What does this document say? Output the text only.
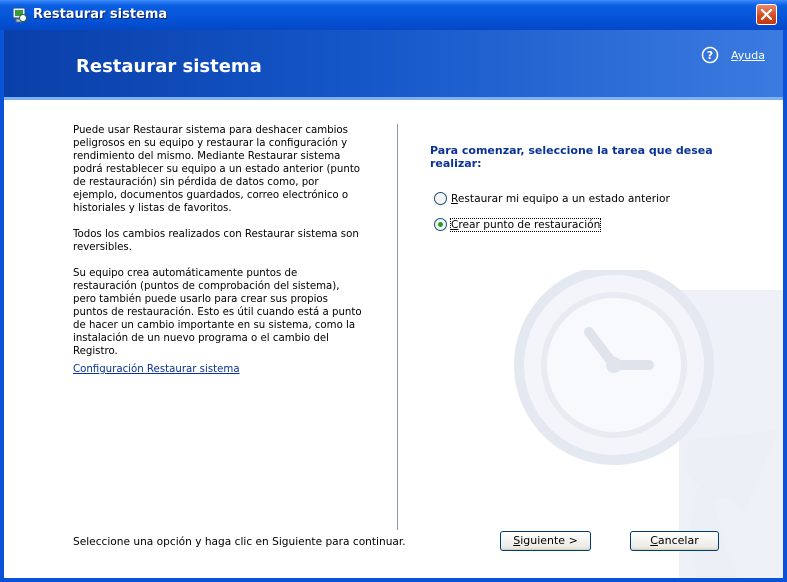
Restaurar sistema
Restaurar sistema
? Ayuda

Puede usar Restaurar sistema para deshacer cambios peligrosos en su equipo y restaurar la configuración y rendimiento del mismo. Mediante Restaurar sistema podrá restablecer su equipo a un estado anterior (punto de restauración) sin pérdida de datos como, por ejemplo, documentos guardados, correo electrónico o historiales y listas de favoritos.

Todos los cambios realizados con Restaurar sistema son reversibles.

Su equipo crea automáticamente puntos de restauración (puntos de comprobación del sistema), pero también puede usarlo para crear sus propios puntos de restauración. Esto es útil cuando está a punto de hacer un cambio importante en su sistema, como la instalación de un nuevo programa o el cambio del Registro.

Configuración Restaurar sistema
Para comenzar, seleccione la tarea que desea realizar:
Restaurar mi equipo a un estado anterior
Crear punto de restauración
Seleccione una opción y haga clic en Siguiente para continuar.	Siguiente >	Cancelar
